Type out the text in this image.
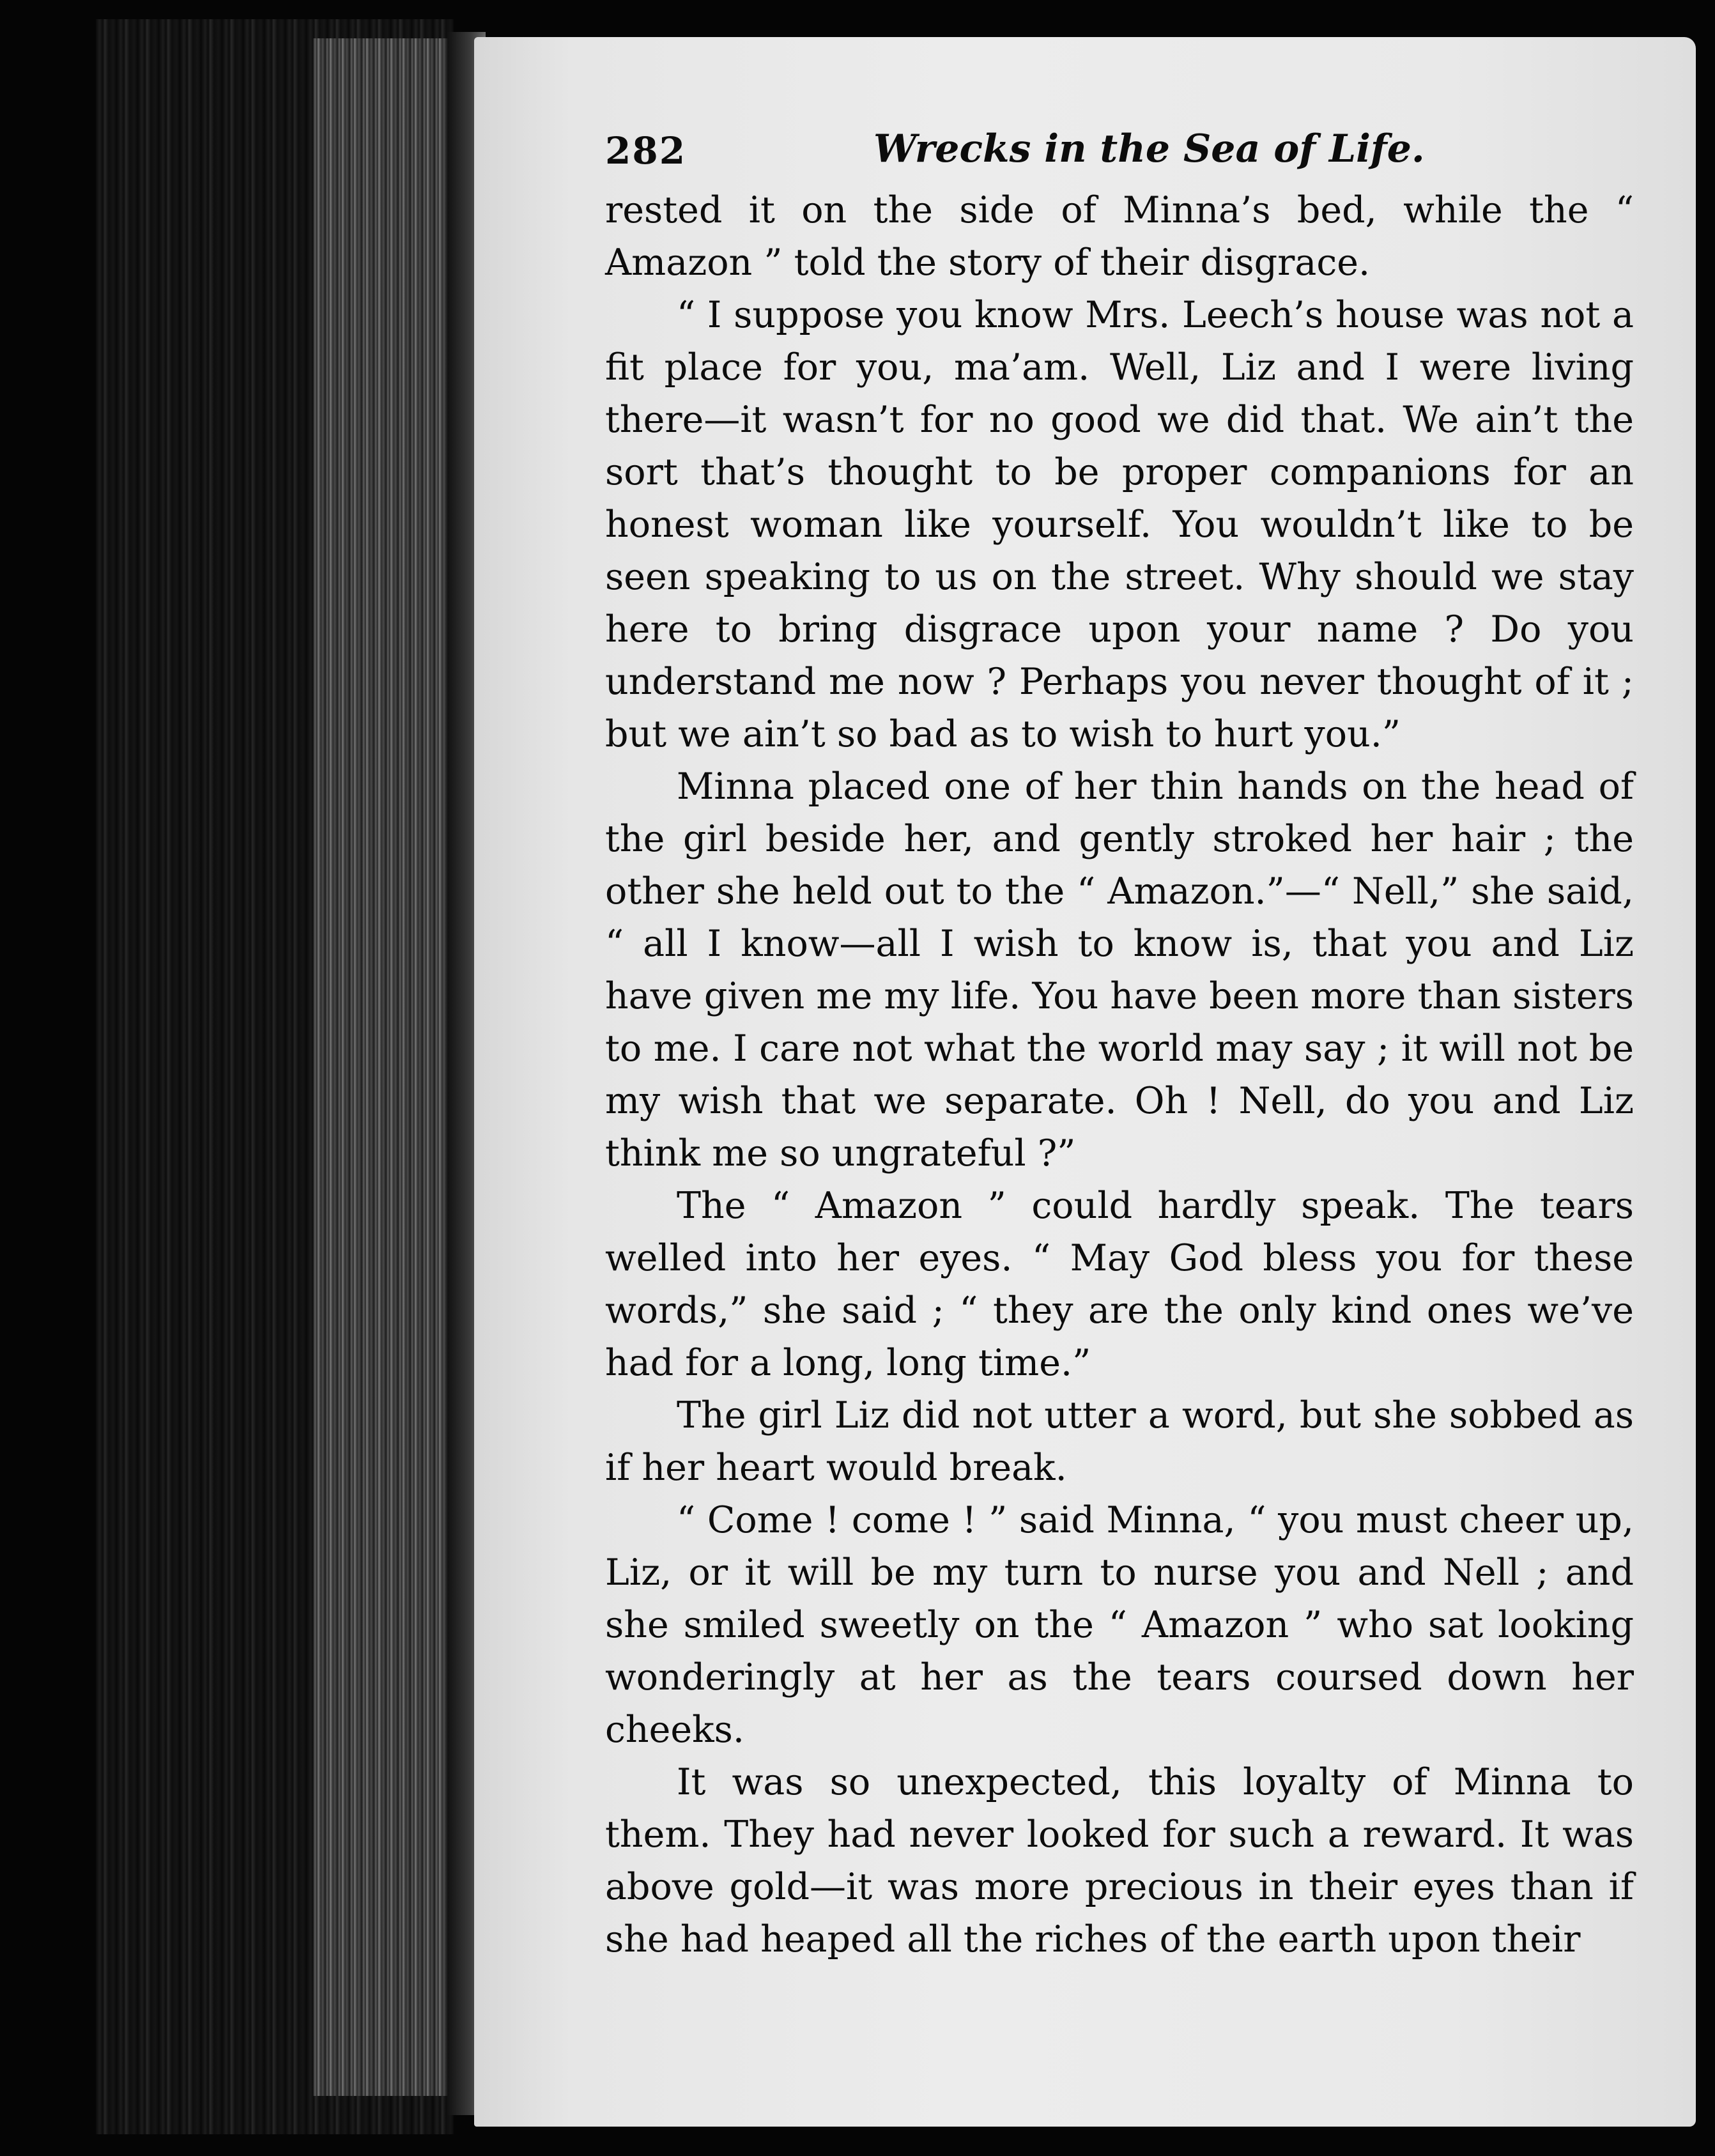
282	Wrecks in the Sea of Life.

rested it on the side of Minna’s bed, while the “ Amazon ” told the story of their disgrace.

“ I suppose you know Mrs. Leech’s house was not a fit place for you, ma’am. Well, Liz and I were living there—it wasn’t for no good we did that. We ain’t the sort that’s thought to be proper companions for an honest woman like yourself. You wouldn’t like to be seen speaking to us on the street. Why should we stay here to bring disgrace upon your name ? Do you understand me now ? Perhaps you never thought of it ; but we ain’t so bad as to wish to hurt you.”

Minna placed one of her thin hands on the head of the girl beside her, and gently stroked her hair ; the other she held out to the “ Amazon.”—“ Nell,” she said, “ all I know—all I wish to know is, that you and Liz have given me my life. You have been more than sisters to me. I care not what the world may say ; it will not be my wish that we separate. Oh ! Nell, do you and Liz think me so ungrateful ?”

The “ Amazon ” could hardly speak. The tears welled into her eyes. “ May God bless you for these words,” she said ; “ they are the only kind ones we’ve had for a long, long time.”

The girl Liz did not utter a word, but she sobbed as if her heart would break.

“ Come ! come ! ” said Minna, “ you must cheer up, Liz, or it will be my turn to nurse you and Nell ; and she smiled sweetly on the “ Amazon ” who sat looking wonderingly at her as the tears coursed down her cheeks.

It was so unexpected, this loyalty of Minna to them. They had never looked for such a reward. It was above gold—it was more precious in their eyes than if she had heaped all the riches of the earth upon their
